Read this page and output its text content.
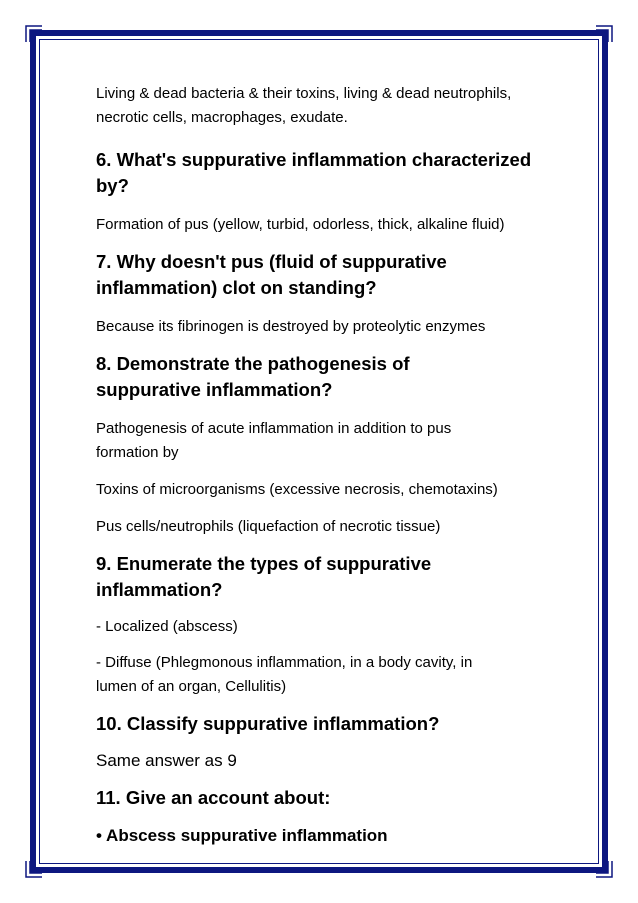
Living & dead bacteria & their toxins, living & dead neutrophils, necrotic cells, macrophages, exudate.

6. What's suppurative inflammation characterized by?

Formation of pus (yellow, turbid, odorless, thick, alkaline fluid)

7. Why doesn't pus (fluid of suppurative inflammation) clot on standing?

Because its fibrinogen is destroyed by proteolytic enzymes

8. Demonstrate the pathogenesis of suppurative inflammation?

Pathogenesis of acute inflammation in addition to pus formation by

Toxins of microorganisms (excessive necrosis, chemotaxins)

Pus cells/neutrophils (liquefaction of necrotic tissue)

9. Enumerate the types of suppurative inflammation?

- Localized (abscess)

- Diffuse (Phlegmonous inflammation, in a body cavity, in lumen of an organ, Cellulitis)

10. Classify suppurative inflammation?

Same answer as 9

11. Give an account about:

• Abscess suppurative inflammation
